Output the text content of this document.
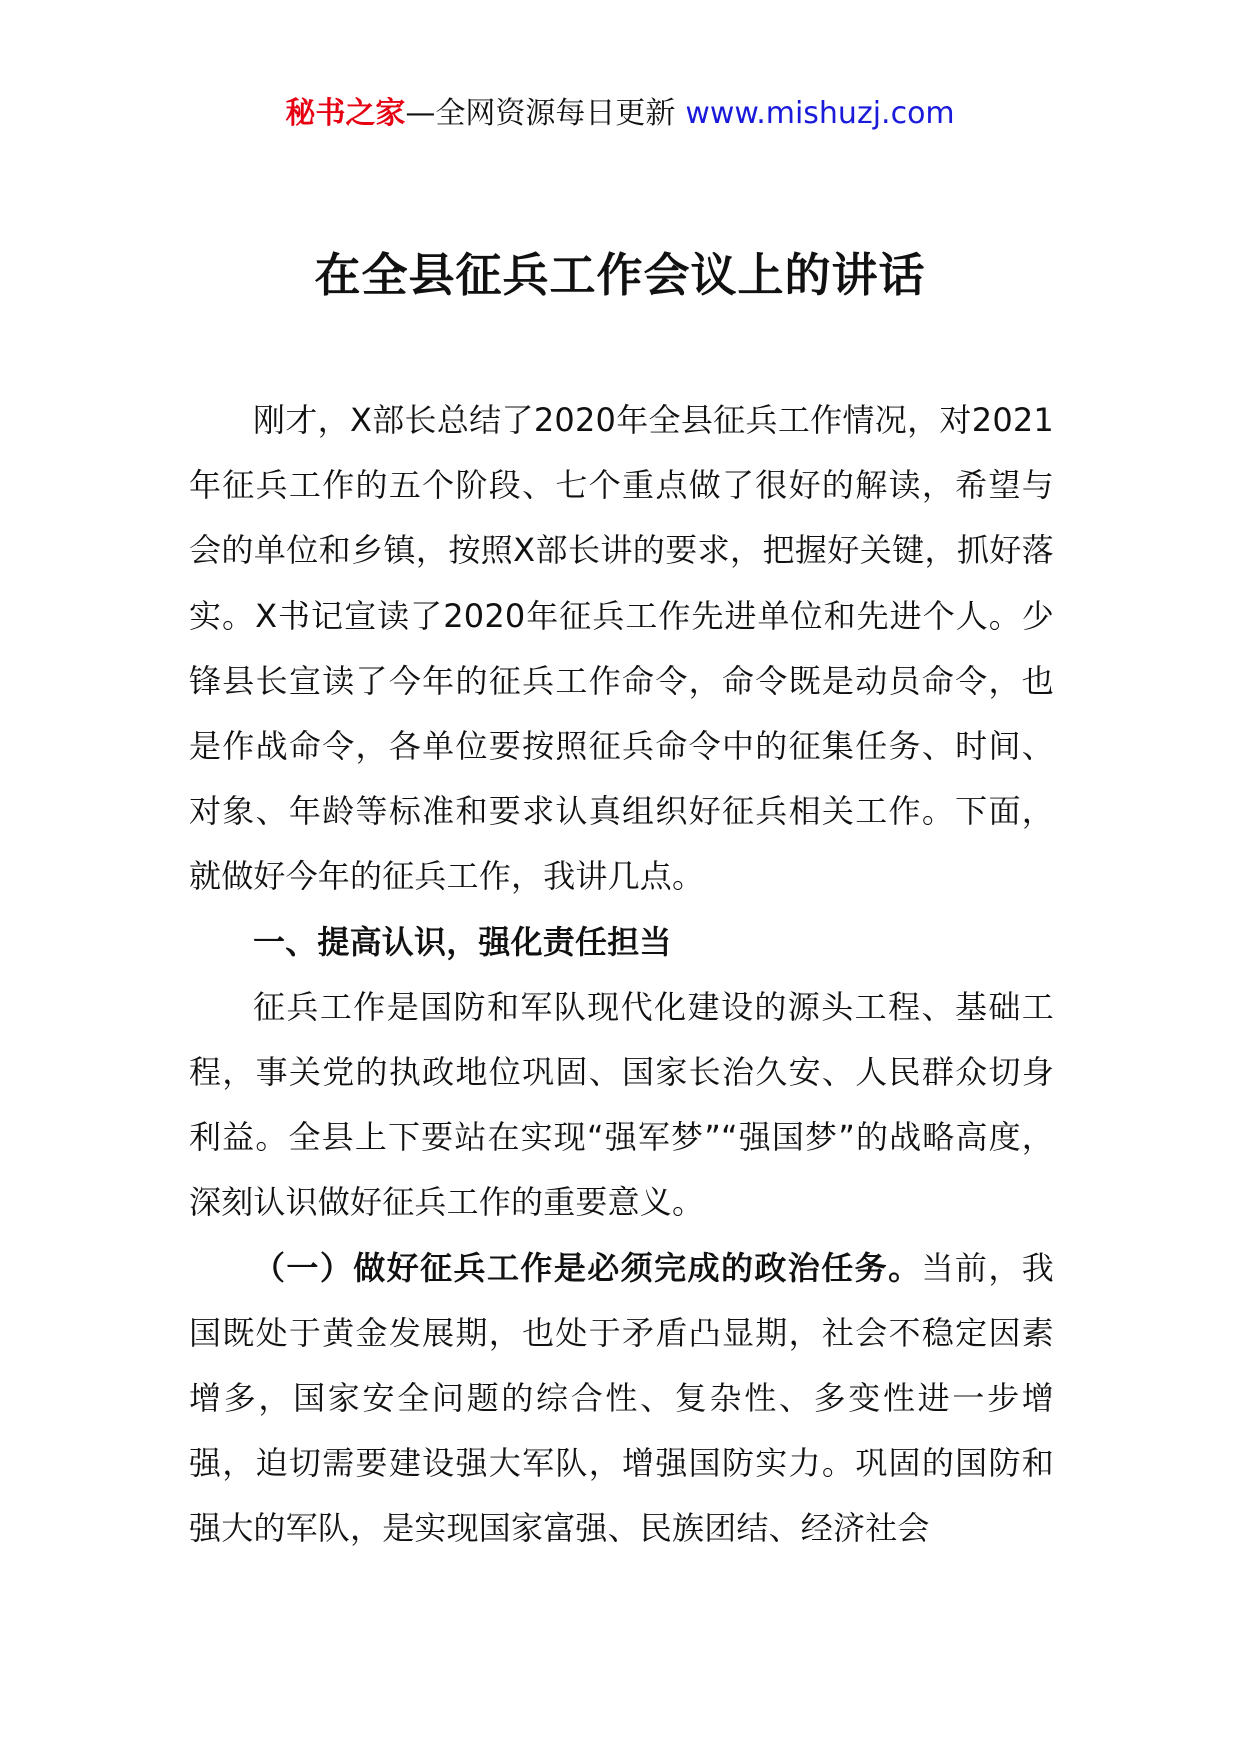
秘书之家—全网资源每日更新 www.mishuzj.com
在全县征兵工作会议上的讲话

刚才，X部长总结了2020年全县征兵工作情况，对2021年征兵工作的五个阶段、七个重点做了很好的解读，希望与会的单位和乡镇，按照X部长讲的要求，把握好关键，抓好落实。X书记宣读了2020年征兵工作先进单位和先进个人。少锋县长宣读了今年的征兵工作命令，命令既是动员命令，也是作战命令，各单位要按照征兵命令中的征集任务、时间、对象、年龄等标准和要求认真组织好征兵相关工作。下面，就做好今年的征兵工作，我讲几点。

一、提高认识，强化责任担当

征兵工作是国防和军队现代化建设的源头工程、基础工程，事关党的执政地位巩固、国家长治久安、人民群众切身利益。全县上下要站在实现“强军梦”“强国梦”的战略高度，深刻认识做好征兵工作的重要意义。

（一）做好征兵工作是必须完成的政治任务。当前，我国既处于黄金发展期，也处于矛盾凸显期，社会不稳定因素增多，国家安全问题的综合性、复杂性、多变性进一步增强，迫切需要建设强大军队，增强国防实力。巩固的国防和强大的军队，是实现国家富强、民族团结、经济社会
